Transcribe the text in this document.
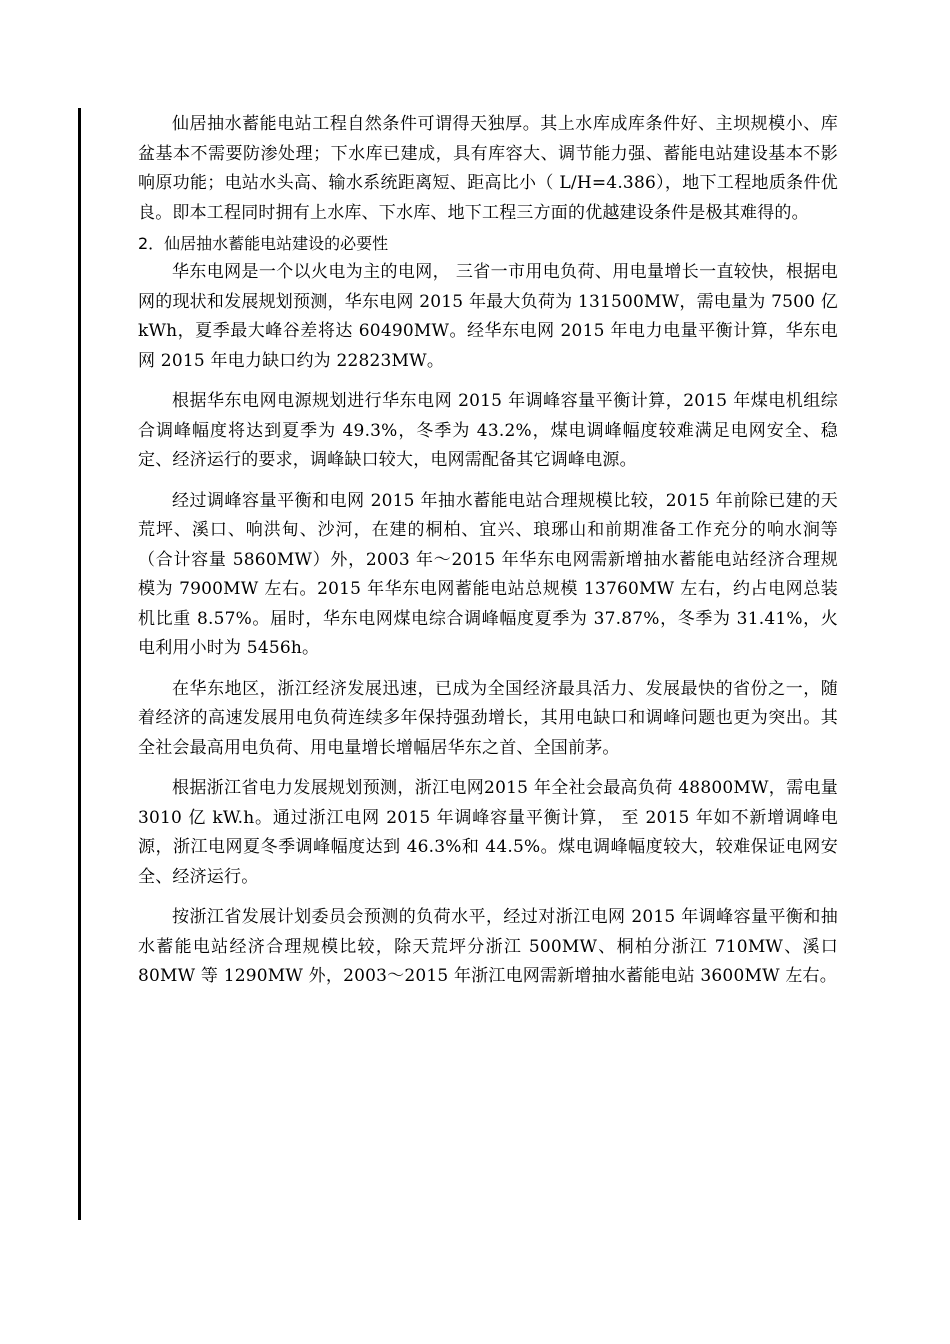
仙居抽水蓄能电站工程自然条件可谓得天独厚。其上水库成库条件好、主坝规模小、库盆基本不需要防渗处理；下水库已建成，具有库容大、调节能力强、蓄能电站建设基本不影响原功能；电站水头高、输水系统距离短、距高比小（ L/H=4.386），地下工程地质条件优良。即本工程同时拥有上水库、下水库、地下工程三方面的优越建设条件是极其难得的。

2．仙居抽水蓄能电站建设的必要性

华东电网是一个以火电为主的电网， 三省一市用电负荷、用电量增长一直较快，根据电网的现状和发展规划预测，华东电网 2015 年最大负荷为 131500MW，需电量为 7500 亿 kWh，夏季最大峰谷差将达 60490MW。经华东电网 2015 年电力电量平衡计算，华东电网 2015 年电力缺口约为 22823MW。

根据华东电网电源规划进行华东电网 2015 年调峰容量平衡计算，2015 年煤电机组综合调峰幅度将达到夏季为 49.3%，冬季为 43.2%，煤电调峰幅度较难满足电网安全、稳定、经济运行的要求，调峰缺口较大，电网需配备其它调峰电源。

经过调峰容量平衡和电网 2015 年抽水蓄能电站合理规模比较，2015 年前除已建的天荒坪、溪口、响洪甸、沙河，在建的桐柏、宜兴、琅琊山和前期准备工作充分的响水涧等（合计容量 5860MW）外，2003 年～2015 年华东电网需新增抽水蓄能电站经济合理规模为 7900MW 左右。2015 年华东电网蓄能电站总规模 13760MW 左右，约占电网总装机比重 8.57%。届时，华东电网煤电综合调峰幅度夏季为 37.87%，冬季为 31.41%，火电利用小时为 5456h。

在华东地区，浙江经济发展迅速，已成为全国经济最具活力、发展最快的省份之一，随着经济的高速发展用电负荷连续多年保持强劲增长，其用电缺口和调峰问题也更为突出。其全社会最高用电负荷、用电量增长增幅居华东之首、全国前茅。

根据浙江省电力发展规划预测，浙江电网2015 年全社会最高负荷 48800MW，需电量 3010 亿 kW.h。通过浙江电网 2015 年调峰容量平衡计算， 至 2015 年如不新增调峰电源，浙江电网夏冬季调峰幅度达到 46.3%和 44.5%。煤电调峰幅度较大，较难保证电网安全、经济运行。

按浙江省发展计划委员会预测的负荷水平，经过对浙江电网 2015 年调峰容量平衡和抽水蓄能电站经济合理规模比较，除天荒坪分浙江 500MW、桐柏分浙江 710MW、溪口 80MW 等 1290MW 外，2003～2015 年浙江电网需新增抽水蓄能电站 3600MW 左右。
